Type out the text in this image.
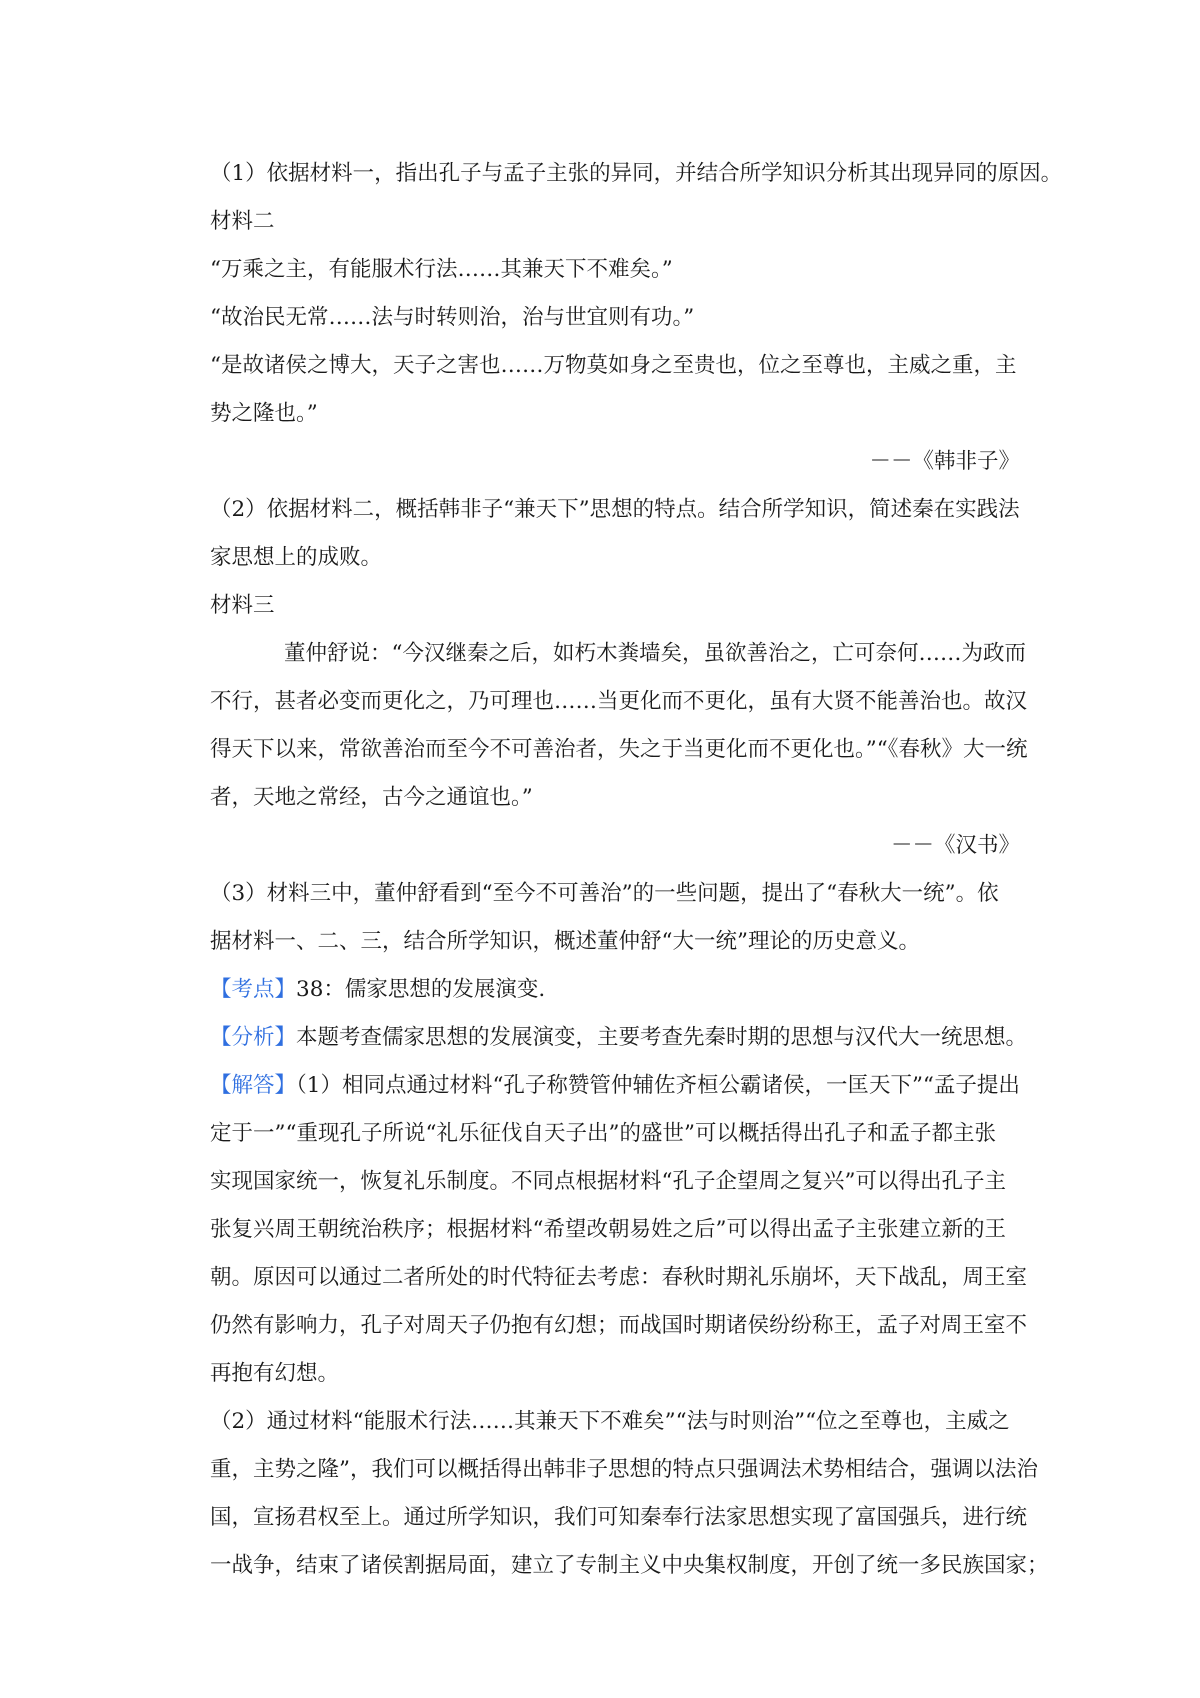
（1）依据材料一，指出孔子与孟子主张的异同，并结合所学知识分析其出现异同的原因。

材料二

“万乘之主，有能服术行法……其兼天下不难矣。”

“故治民无常……法与时转则治，治与世宜则有功。”

“是故诸侯之博大，天子之害也……万物莫如身之至贵也，位之至尊也，主威之重，主

势之隆也。”

－－《韩非子》

（2）依据材料二，概括韩非子“兼天下”思想的特点。结合所学知识，简述秦在实践法

家思想上的成败。

材料三

董仲舒说：“今汉继秦之后，如朽木粪墙矣，虽欲善治之，亡可奈何……为政而

不行，甚者必变而更化之，乃可理也……当更化而不更化，虽有大贤不能善治也。故汉

得天下以来，常欲善治而至今不可善治者，失之于当更化而不更化也。”“《春秋》大一统

者，天地之常经，古今之通谊也。”

－－《汉书》

（3）材料三中，董仲舒看到“至今不可善治”的一些问题，提出了“春秋大一统”。依

据材料一、二、三，结合所学知识，概述董仲舒“大一统”理论的历史意义。

【考点】38：儒家思想的发展演变.

【分析】本题考查儒家思想的发展演变，主要考查先秦时期的思想与汉代大一统思想。

【解答】（1）相同点通过材料“孔子称赞管仲辅佐齐桓公霸诸侯，一匡天下”“孟子提出

定于一”“重现孔子所说“礼乐征伐自天子出”的盛世”可以概括得出孔子和孟子都主张

实现国家统一，恢复礼乐制度。不同点根据材料“孔子企望周之复兴”可以得出孔子主

张复兴周王朝统治秩序；根据材料“希望改朝易姓之后”可以得出孟子主张建立新的王

朝。原因可以通过二者所处的时代特征去考虑：春秋时期礼乐崩坏，天下战乱，周王室

仍然有影响力，孔子对周天子仍抱有幻想；而战国时期诸侯纷纷称王，孟子对周王室不

再抱有幻想。

（2）通过材料“能服术行法……其兼天下不难矣”“法与时则治”“位之至尊也，主威之

重，主势之隆”，我们可以概括得出韩非子思想的特点只强调法术势相结合，强调以法治

国，宣扬君权至上。通过所学知识，我们可知秦奉行法家思想实现了富国强兵，进行统

一战争，结束了诸侯割据局面，建立了专制主义中央集权制度，开创了统一多民族国家；
